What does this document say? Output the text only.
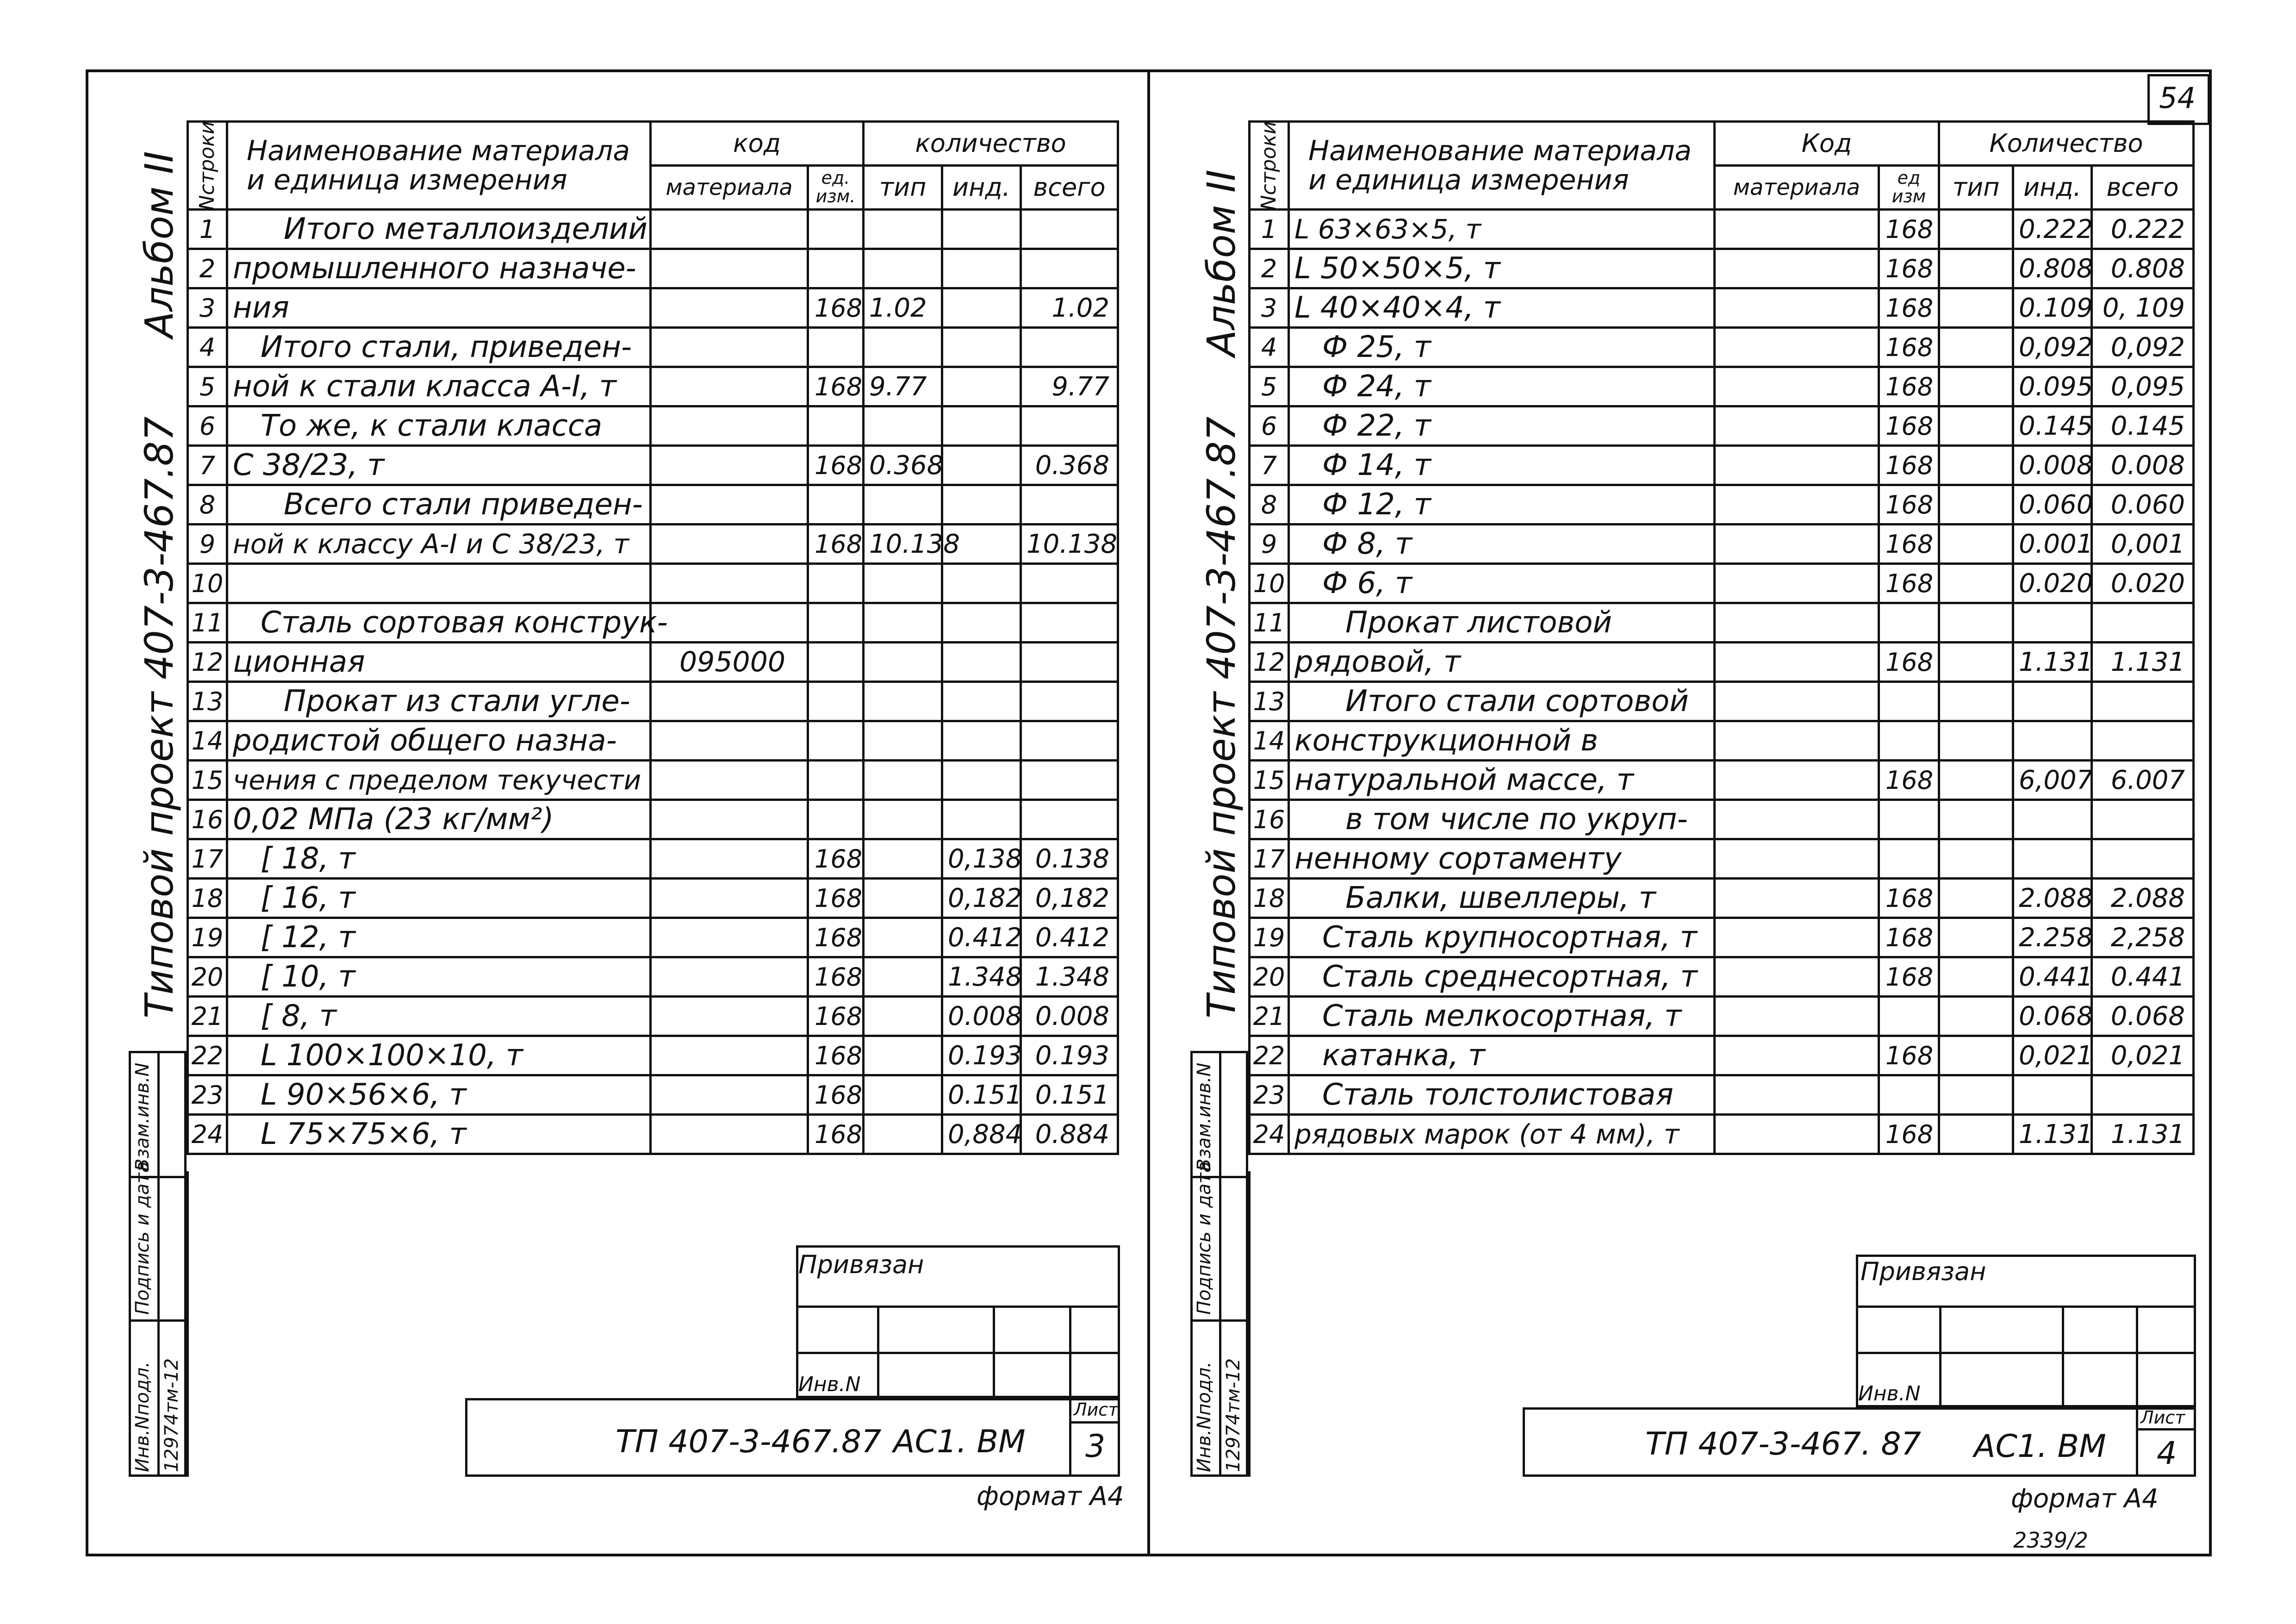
54
Альбом II
Типовой проект 407-3-467.87
Инв.Nподл.
Подпись и дата
Взам.инв.N
12974тм-12
Nстроки	Наименование материала
и единица измерения	код		количество		
		материала	ед. изм.	тип	инд.	всего
1	Итого металлоизделий					
2	промышленного назначе-					
3	ния		168	1.02		1.02
4	Итого стали, приведен-					
5	ной к стали класса A-I, т		168	9.77		9.77
6	То же, к стали класса					
7	С 38/23, т		168	0.368		0.368
8	Всего стали приведен-					
9	ной к классу A-I и С 38/23, т		168	10.138		10.138
10						
11	Сталь сортовая конструк-					
12	ционная	095000				
13	Прокат из стали угле-					
14	родистой общего назна-					
15	чения с пределом текучести					
16	0,02 МПа (23 кг/мм²)					
17	[ 18, т		168		0,138	0.138
18	[ 16, т		168		0,182	0,182
19	[ 12, т		168		0.412	0.412
20	[ 10, т		168		1.348	1.348
21	[ 8, т		168		0.008	0.008
22	L 100×100×10, т		168		0.193	0.193
23	L 90×56×6, т		168		0.151	0.151
24	L 75×75×6, т		168		0,884	0.884
Привязан
Инв.N
ТП 407-3-467.87 АС1. ВМ
Лист
3
формат А4
Альбом II
Типовой проект 407-3-467.87
Инв.Nподл.
Подпись и дата
Взам.инв.N
12974тм-12
Nстроки	Наименование материала
и единица измерения	Код		Количество		
		материала	ед изм	тип	инд.	всего
1	L 63×63×5, т		168		0.222	0.222
2	L 50×50×5, т		168		0.808	0.808
3	L 40×40×4, т		168		0.109	0, 109
4	Ф 25, т		168		0,092	0,092
5	Ф 24, т		168		0.095	0,095
6	Ф 22, т		168		0.145	0.145
7	Ф 14, т		168		0.008	0.008
8	Ф 12, т		168		0.060	0.060
9	Ф 8, т		168		0.001	0,001
10	Ф 6, т		168		0.020	0.020
11	Прокат листовой					
12	рядовой, т		168		1.131	1.131
13	Итого стали сортовой					
14	конструкционной в					
15	натуральной массе, т		168		6,007	6.007
16	в том числе по укруп-					
17	ненному сортаменту					
18	Балки, швеллеры, т		168		2.088	2.088
19	Сталь крупносортная, т		168		2.258	2,258
20	Сталь среднесортная, т		168		0.441	0.441
21	Сталь мелкосортная, т				0.068	0.068
22	катанка, т		168		0,021	0,021
23	Сталь толстолистовая					
24	рядовых марок (от 4 мм), т		168		1.131	1.131
Привязан
Инв.N
ТП 407-3-467. 87 АС1. ВМ
Лист
4
формат А4
2339/2
